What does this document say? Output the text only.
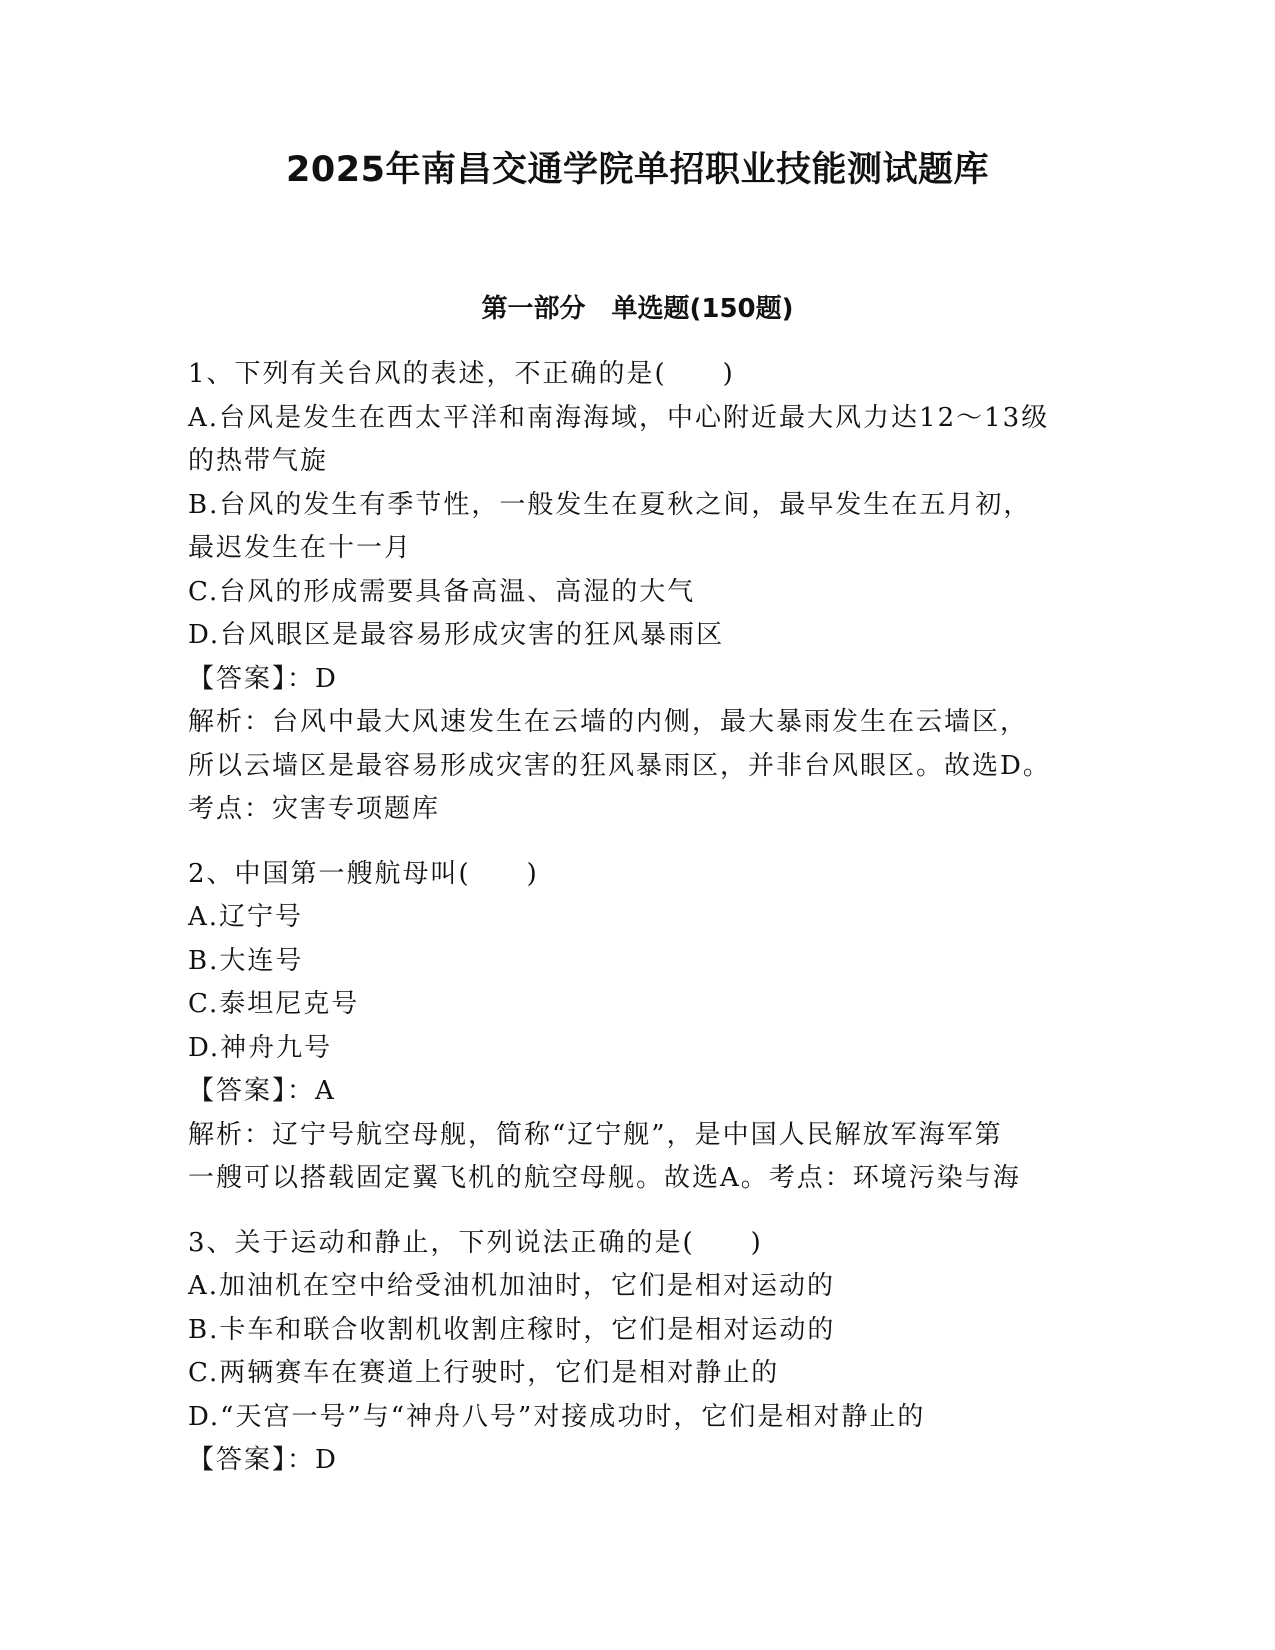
2025年南昌交通学院单招职业技能测试题库
第一部分　单选题(150题)

1、下列有关台风的表述，不正确的是(　　)

A.台风是发生在西太平洋和南海海域，中心附近最大风力达12～13级

的热带气旋

B.台风的发生有季节性，一般发生在夏秋之间，最早发生在五月初，

最迟发生在十一月

C.台风的形成需要具备高温、高湿的大气

D.台风眼区是最容易形成灾害的狂风暴雨区

【答案】：D

解析：台风中最大风速发生在云墙的内侧，最大暴雨发生在云墙区，

所以云墙区是最容易形成灾害的狂风暴雨区，并非台风眼区。故选D。

考点：灾害专项题库

2、中国第一艘航母叫(　　)

A.辽宁号

B.大连号

C.泰坦尼克号

D.神舟九号

【答案】：A

解析：辽宁号航空母舰，简称“辽宁舰”，是中国人民解放军海军第

一艘可以搭载固定翼飞机的航空母舰。故选A。考点：环境污染与海

3、关于运动和静止，下列说法正确的是(　　)

A.加油机在空中给受油机加油时，它们是相对运动的

B.卡车和联合收割机收割庄稼时，它们是相对运动的

C.两辆赛车在赛道上行驶时，它们是相对静止的

D.“天宫一号”与“神舟八号”对接成功时，它们是相对静止的

【答案】：D
